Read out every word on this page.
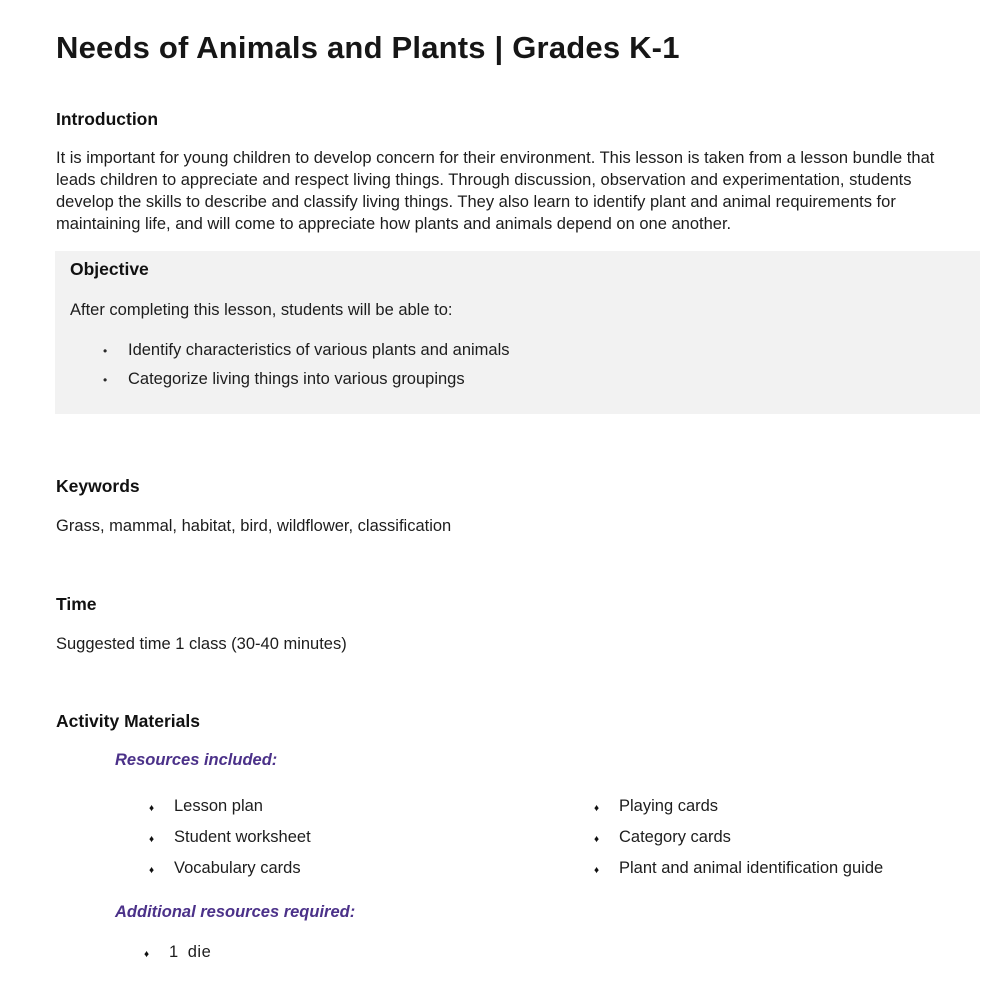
Needs of Animals and Plants | Grades K-1
Introduction

It is important for young children to develop concern for their environment. This lesson is taken from a lesson bundle that leads children to appreciate and respect living things. Through discussion, observation and experimentation, students develop the skills to describe and classify living things. They also learn to identify plant and animal requirements for maintaining life, and will come to appreciate how plants and animals depend on one another.

Objective

After completing this lesson, students will be able to:

•	Identify characteristics of various plants and animals
•	Categorize living things into various groupings
Keywords

Grass, mammal, habitat, bird, wildflower, classification

Time

Suggested time 1 class (30-40 minutes)

Activity Materials

Resources included:

♦	Lesson plan
♦	Student worksheet
♦	Vocabulary cards
♦	Playing cards
♦	Category cards
♦	Plant and animal identification guide

Additional resources required:

♦	1 die
